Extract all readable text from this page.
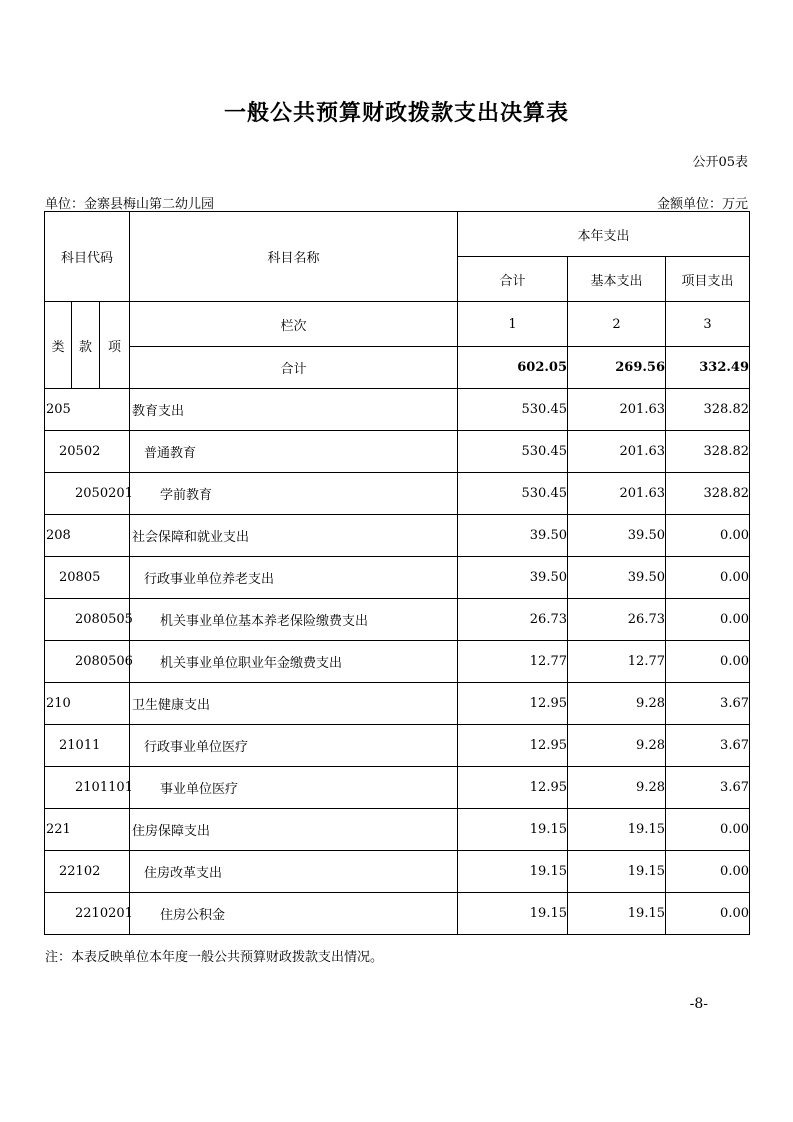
一般公共预算财政拨款支出决算表
公开05表
单位：金寨县梅山第二幼儿园	金额单位：万元
科目代码			科目名称	本年支出		
				合计	基本支出	项目支出
类	款	项	栏次	1	2	3
			合计	602.05	269.56	332.49
205			教育支出	530.45	201.63	328.82
20502			普通教育	530.45	201.63	328.82
2050201			学前教育	530.45	201.63	328.82
208			社会保障和就业支出	39.50	39.50	0.00
20805			行政事业单位养老支出	39.50	39.50	0.00
2080505			机关事业单位基本养老保险缴费支出	26.73	26.73	0.00
2080506			机关事业单位职业年金缴费支出	12.77	12.77	0.00
210			卫生健康支出	12.95	9.28	3.67
21011			行政事业单位医疗	12.95	9.28	3.67
2101101			事业单位医疗	12.95	9.28	3.67
221			住房保障支出	19.15	19.15	0.00
22102			住房改革支出	19.15	19.15	0.00
2210201			住房公积金	19.15	19.15	0.00
注：本表反映单位本年度一般公共预算财政拨款支出情况。
-8-
